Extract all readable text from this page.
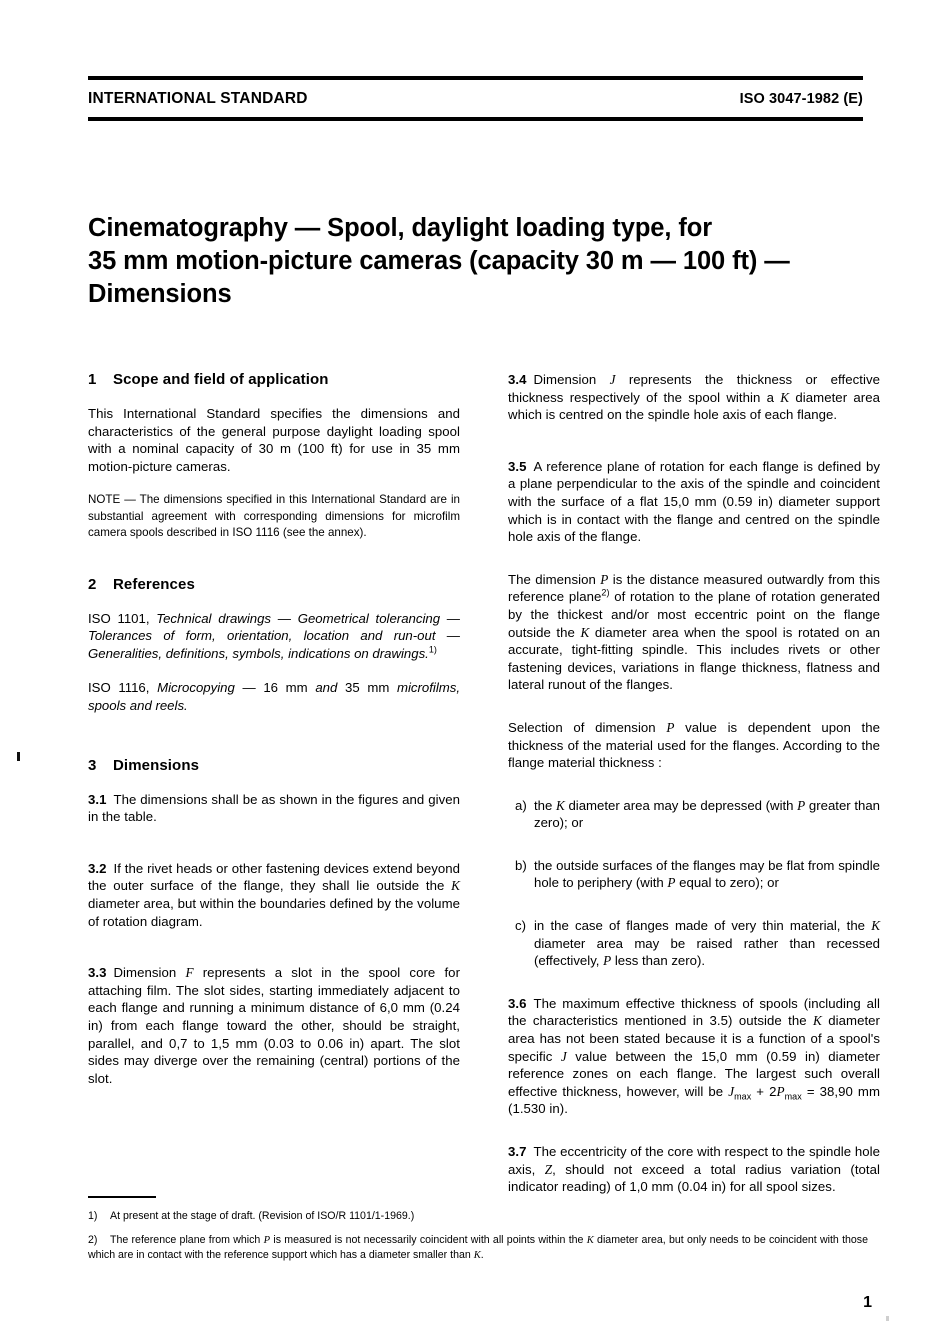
INTERNATIONAL STANDARD	ISO 3047-1982 (E)
Cinematography — Spool, daylight loading type, for
35 mm motion-picture cameras (capacity 30 m — 100 ft) —
Dimensions
1 Scope and field of application

This International Standard specifies the dimensions and characteristics of the general purpose daylight loading spool with a nominal capacity of 30 m (100 ft) for use in 35 mm motion-picture cameras.

NOTE — The dimensions specified in this International Standard are in substantial agreement with corresponding dimensions for microfilm camera spools described in ISO 1116 (see the annex).

2 References

ISO 1101, Technical drawings — Geometrical tolerancing — Tolerances of form, orientation, location and run-out — Generalities, definitions, symbols, indications on drawings.$^{1)}$

ISO 1116, Microcopying — 16 mm and 35 mm microfilms, spools and reels.

3 Dimensions

3.1 The dimensions shall be as shown in the figures and given in the table.

3.2 If the rivet heads or other fastening devices extend beyond the outer surface of the flange, they shall lie outside the K diameter area, but within the boundaries defined by the volume of rotation diagram.

3.3 Dimension F represents a slot in the spool core for attaching film. The slot sides, starting immediately adjacent to each flange and running a minimum distance of 6,0 mm (0.24 in) from each flange toward the other, should be straight, parallel, and 0,7 to 1,5 mm (0.03 to 0.06 in) apart. The slot sides may diverge over the remaining (central) portions of the slot.

3.4 Dimension J represents the thickness or effective thickness respectively of the spool within a K diameter area which is centred on the spindle hole axis of each flange.

3.5 A reference plane of rotation for each flange is defined by a plane perpendicular to the axis of the spindle and coincident with the surface of a flat 15,0 mm (0.59 in) diameter support which is in contact with the flange and centred on the spindle hole axis of the flange.

The dimension P is the distance measured outwardly from this reference plane$^{2)}$ of rotation to the plane of rotation generated by the thickest and/or most eccentric point on the flange outside the K diameter area when the spool is rotated on an accurate, tight-fitting spindle. This includes rivets or other fastening devices, variations in flange thickness, flatness and lateral runout of the flanges.

Selection of dimension P value is dependent upon the thickness of the material used for the flanges. According to the flange material thickness :

a) the K diameter area may be depressed (with P greater than zero); or

b) the outside surfaces of the flanges may be flat from spindle hole to periphery (with P equal to zero); or

c) in the case of flanges made of very thin material, the K diameter area may be raised rather than recessed (effectively, P less than zero).

3.6 The maximum effective thickness of spools (including all the characteristics mentioned in 3.5) outside the K diameter area has not been stated because it is a function of a spool's specific J value between the 15,0 mm (0.59 in) diameter reference zones on each flange. The largest such overall effective thickness, however, will be $J_{max} + 2P_{max} = 38,90$ mm (1.530 in).

3.7 The eccentricity of the core with respect to the spindle hole axis, Z, should not exceed a total radius variation (total indicator reading) of 1,0 mm (0.04 in) for all spool sizes.

1) At present at the stage of draft. (Revision of ISO/R 1101/1-1969.)

2) The reference plane from which P is measured is not necessarily coincident with all points within the K diameter area, but only needs to be coincident with those which are in contact with the reference support which has a diameter smaller than K.

1
